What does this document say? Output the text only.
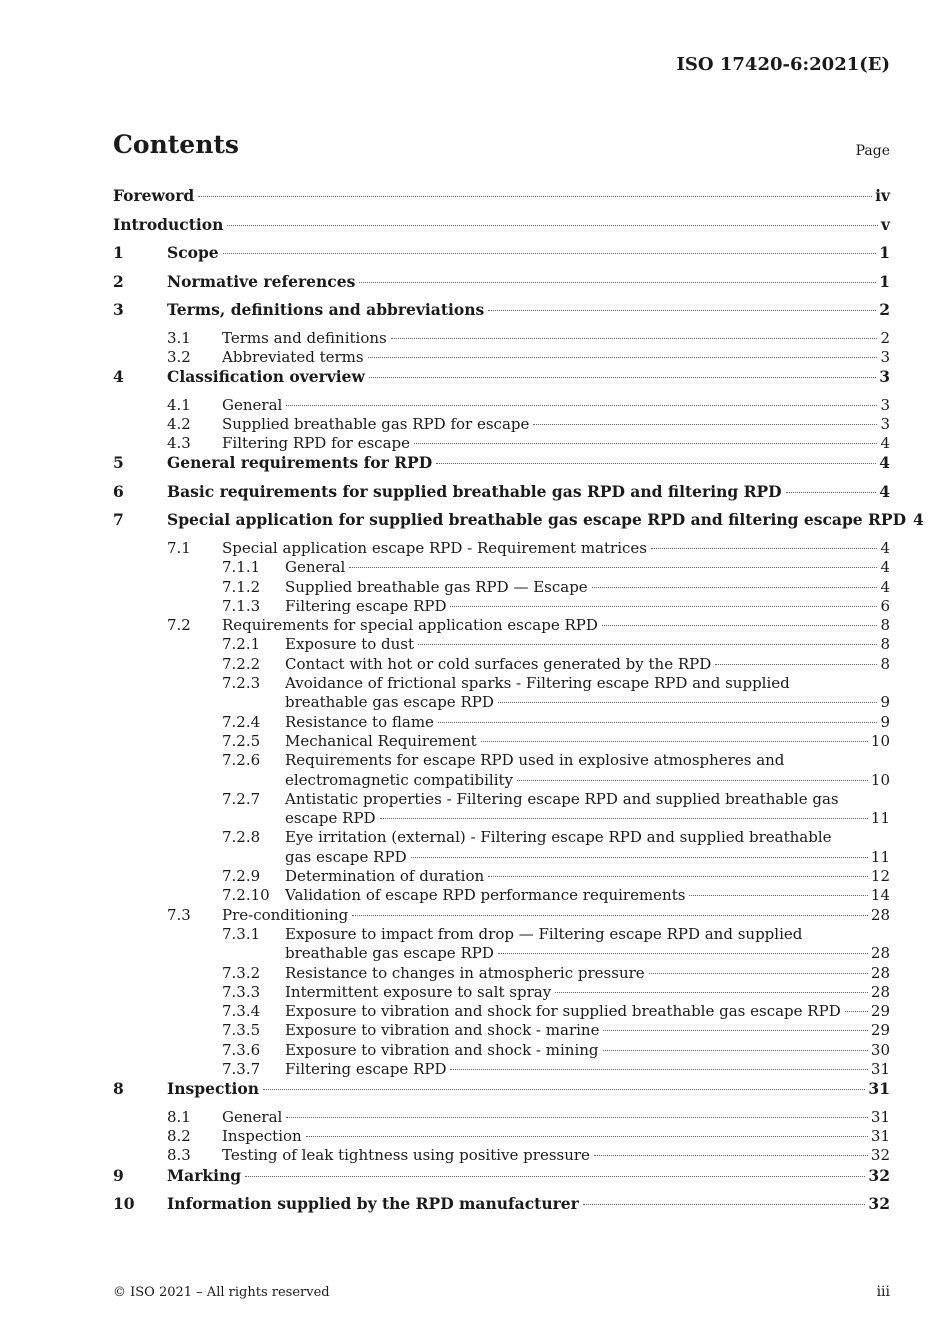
ISO 17420-6:2021(E)
Contents	Page
Foreword	iv
Introduction	v
1	Scope	1
2	Normative references	1
3	Terms, definitions and abbreviations	2
3.1 Terms and definitions	2
3.2 Abbreviated terms	3
4	Classification overview	3
4.1 General	3
4.2 Supplied breathable gas RPD for escape	3
4.3 Filtering RPD for escape	4
5	General requirements for RPD	4
6	Basic requirements for supplied breathable gas RPD and filtering RPD	4
7	Special application for supplied breathable gas escape RPD and filtering escape RPD 4
7.1 Special application escape RPD - Requirement matrices	4
7.1.1 General	4
7.1.2 Supplied breathable gas RPD — Escape	4
7.1.3 Filtering escape RPD	6
7.2 Requirements for special application escape RPD	8
7.2.1 Exposure to dust	8
7.2.2 Contact with hot or cold surfaces generated by the RPD	8
7.2.3 Avoidance of frictional sparks - Filtering escape RPD and supplied
breathable gas escape RPD	9
7.2.4 Resistance to flame	9
7.2.5 Mechanical Requirement	10
7.2.6 Requirements for escape RPD used in explosive atmospheres and
electromagnetic compatibility	10
7.2.7 Antistatic properties - Filtering escape RPD and supplied breathable gas
escape RPD	11
7.2.8 Eye irritation (external) - Filtering escape RPD and supplied breathable
gas escape RPD	11
7.2.9 Determination of duration	12
7.2.10 Validation of escape RPD performance requirements	14
7.3 Pre-conditioning	28
7.3.1 Exposure to impact from drop — Filtering escape RPD and supplied
breathable gas escape RPD	28
7.3.2 Resistance to changes in atmospheric pressure	28
7.3.3 Intermittent exposure to salt spray	28
7.3.4 Exposure to vibration and shock for supplied breathable gas escape RPD 29
7.3.5 Exposure to vibration and shock - marine	29
7.3.6 Exposure to vibration and shock - mining	30
7.3.7 Filtering escape RPD	31
8	Inspection	31
8.1 General	31
8.2 Inspection	31
8.3 Testing of leak tightness using positive pressure	32
9	Marking	32
10 Information supplied by the RPD manufacturer	32
© ISO 2021 – All rights reserved	iii
